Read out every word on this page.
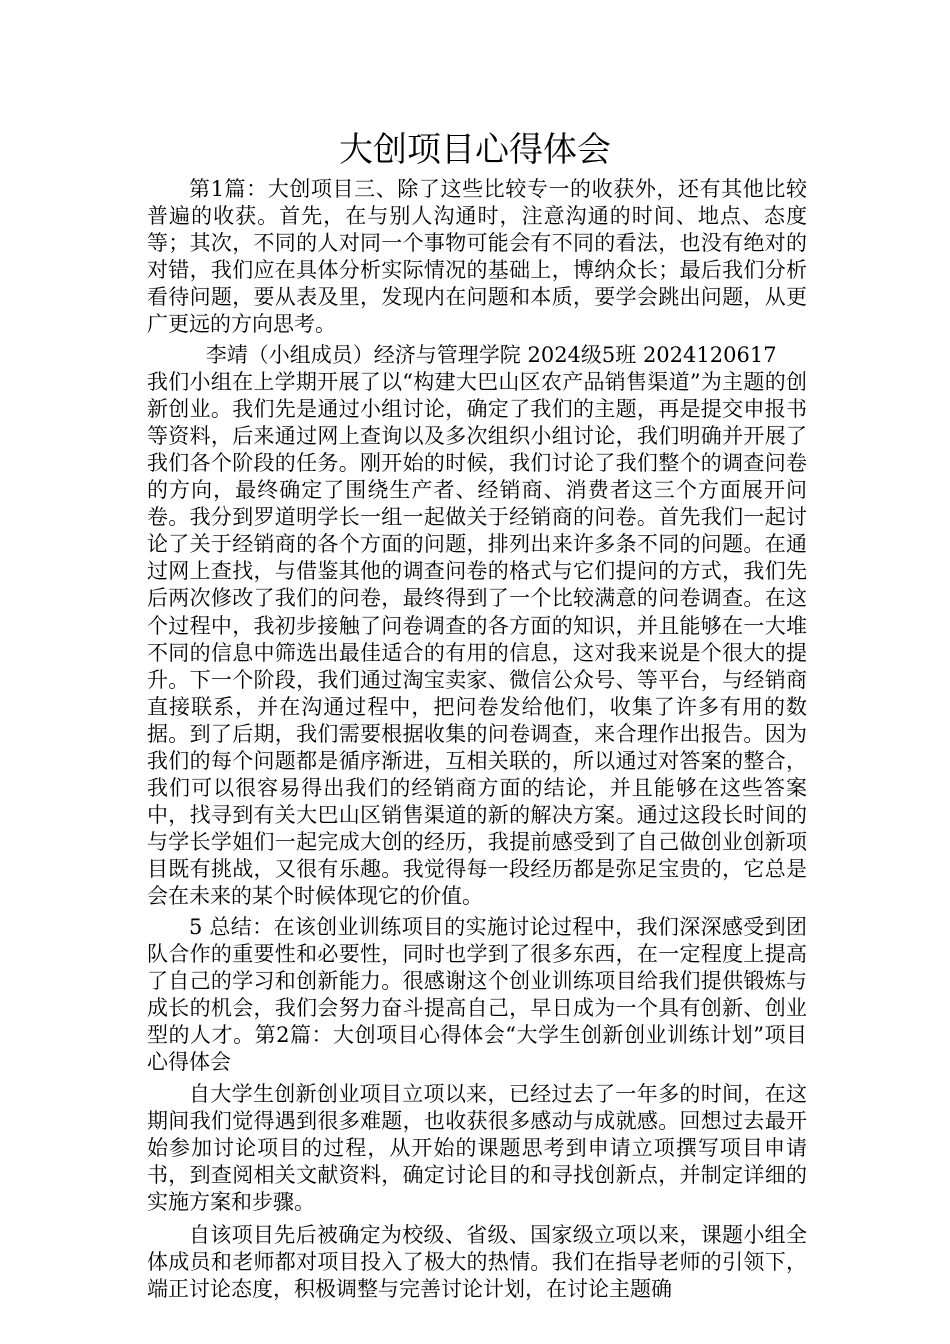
大创项目心得体会

第1篇：大创项目三、除了这些比较专一的收获外，还有其他比较普遍的收获。首先，在与别人沟通时，注意沟通的时间、地点、态度等；其次，不同的人对同一个事物可能会有不同的看法，也没有绝对的对错，我们应在具体分析实际情况的基础上，博纳众长；最后我们分析看待问题，要从表及里，发现内在问题和本质，要学会跳出问题，从更广更远的方向思考。

李靖（小组成员）经济与管理学院 2024级5班 2024120617

我们小组在上学期开展了以“构建大巴山区农产品销售渠道”为主题的创新创业。我们先是通过小组讨论，确定了我们的主题，再是提交申报书等资料，后来通过网上查询以及多次组织小组讨论，我们明确并开展了我们各个阶段的任务。刚开始的时候，我们讨论了我们整个的调查问卷的方向，最终确定了围绕生产者、经销商、消费者这三个方面展开问卷。我分到罗道明学长一组一起做关于经销商的问卷。首先我们一起讨论了关于经销商的各个方面的问题，排列出来许多条不同的问题。在通过网上查找，与借鉴其他的调查问卷的格式与它们提问的方式，我们先后两次修改了我们的问卷，最终得到了一个比较满意的问卷调查。在这个过程中，我初步接触了问卷调查的各方面的知识，并且能够在一大堆不同的信息中筛选出最佳适合的有用的信息，这对我来说是个很大的提升。下一个阶段，我们通过淘宝卖家、微信公众号、等平台，与经销商直接联系，并在沟通过程中，把问卷发给他们，收集了许多有用的数据。到了后期，我们需要根据收集的问卷调查，来合理作出报告。因为我们的每个问题都是循序渐进，互相关联的，所以通过对答案的整合，我们可以很容易得出我们的经销商方面的结论，并且能够在这些答案中，找寻到有关大巴山区销售渠道的新的解决方案。通过这段长时间的与学长学姐们一起完成大创的经历，我提前感受到了自己做创业创新项目既有挑战，又很有乐趣。我觉得每一段经历都是弥足宝贵的，它总是会在未来的某个时候体现它的价值。

5 总结：在该创业训练项目的实施讨论过程中，我们深深感受到团队合作的重要性和必要性，同时也学到了很多东西，在一定程度上提高了自己的学习和创新能力。很感谢这个创业训练项目给我们提供锻炼与成长的机会，我们会努力奋斗提高自己，早日成为一个具有创新、创业型的人才。第2篇：大创项目心得体会“大学生创新创业训练计划”项目心得体会

自大学生创新创业项目立项以来，已经过去了一年多的时间，在这期间我们觉得遇到很多难题，也收获很多感动与成就感。回想过去最开始参加讨论项目的过程，从开始的课题思考到申请立项撰写项目申请书，到查阅相关文献资料，确定讨论目的和寻找创新点，并制定详细的实施方案和步骤。

自该项目先后被确定为校级、省级、国家级立项以来，课题小组全体成员和老师都对项目投入了极大的热情。我们在指导老师的引领下，端正讨论态度，积极调整与完善讨论计划，在讨论主题确
